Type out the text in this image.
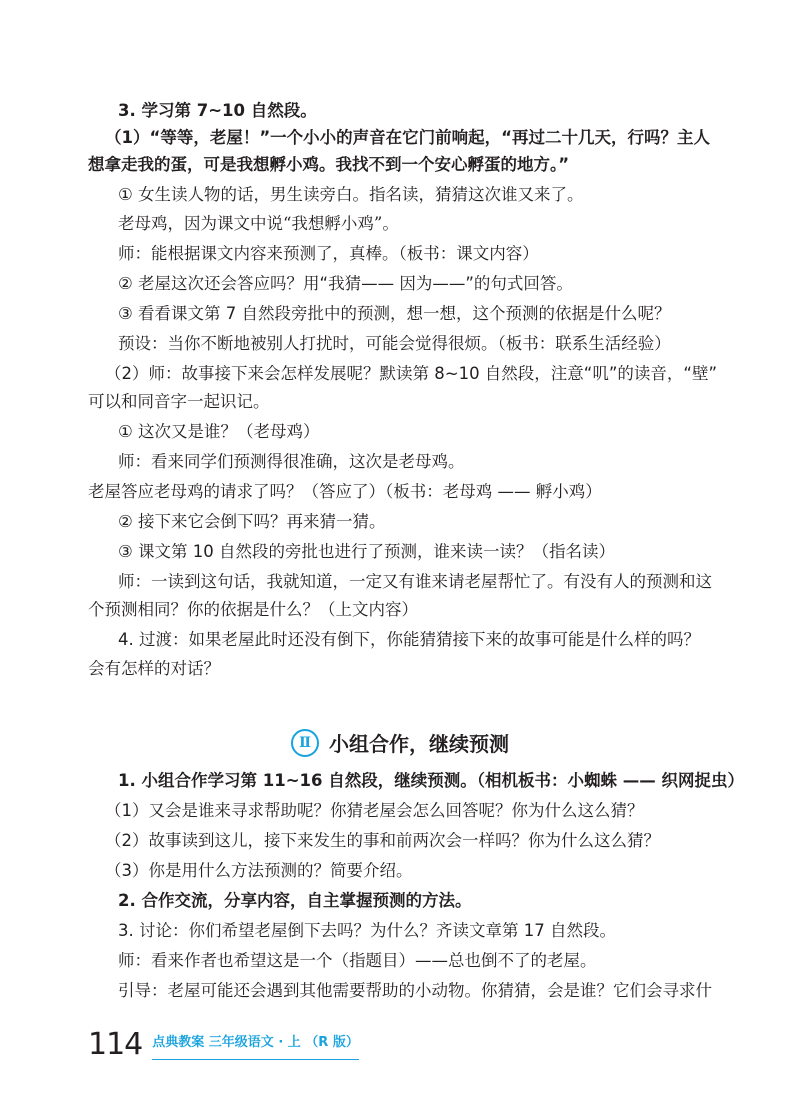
3. 学习第 7~10 自然段。
（1）“等等，老屋！”一个小小的声音在它门前响起，“再过二十几天，行吗？主人
想拿走我的蛋，可是我想孵小鸡。我找不到一个安心孵蛋的地方。”
① 女生读人物的话，男生读旁白。指名读，猜猜这次谁又来了。
老母鸡，因为课文中说“我想孵小鸡”。
师：能根据课文内容来预测了，真棒。（板书：课文内容）
② 老屋这次还会答应吗？用“我猜—— 因为——”的句式回答。
③ 看看课文第 7 自然段旁批中的预测，想一想，这个预测的依据是什么呢？
预设：当你不断地被别人打扰时，可能会觉得很烦。（板书：联系生活经验）
（2）师：故事接下来会怎样发展呢？默读第 8~10 自然段，注意“叽”的读音，“壁”
可以和同音字一起识记。
① 这次又是谁？（老母鸡）
师：看来同学们预测得很准确，这次是老母鸡。
老屋答应老母鸡的请求了吗？（答应了）（板书：老母鸡 —— 孵小鸡）
② 接下来它会倒下吗？再来猜一猜。
③ 课文第 10 自然段的旁批也进行了预测，谁来读一读？（指名读）
师：一读到这句话，我就知道，一定又有谁来请老屋帮忙了。有没有人的预测和这
个预测相同？你的依据是什么？（上文内容）
4. 过渡：如果老屋此时还没有倒下，你能猜猜接下来的故事可能是什么样的吗？
会有怎样的对话？
Ⅱ 小组合作，继续预测
1. 小组合作学习第 11~16 自然段，继续预测。（相机板书：小蜘蛛 —— 织网捉虫）
（1）又会是谁来寻求帮助呢？你猜老屋会怎么回答呢？你为什么这么猜？
（2）故事读到这儿，接下来发生的事和前两次会一样吗？你为什么这么猜？
（3）你是用什么方法预测的？简要介绍。
2. 合作交流，分享内容，自主掌握预测的方法。
3. 讨论：你们希望老屋倒下去吗？为什么？齐读文章第 17 自然段。
师：看来作者也希望这是一个（指题目）——总也倒不了的老屋。
引导：老屋可能还会遇到其他需要帮助的小动物。你猜猜，会是谁？它们会寻求什
114 点典教案 三年级语文 · 上 （R 版）
